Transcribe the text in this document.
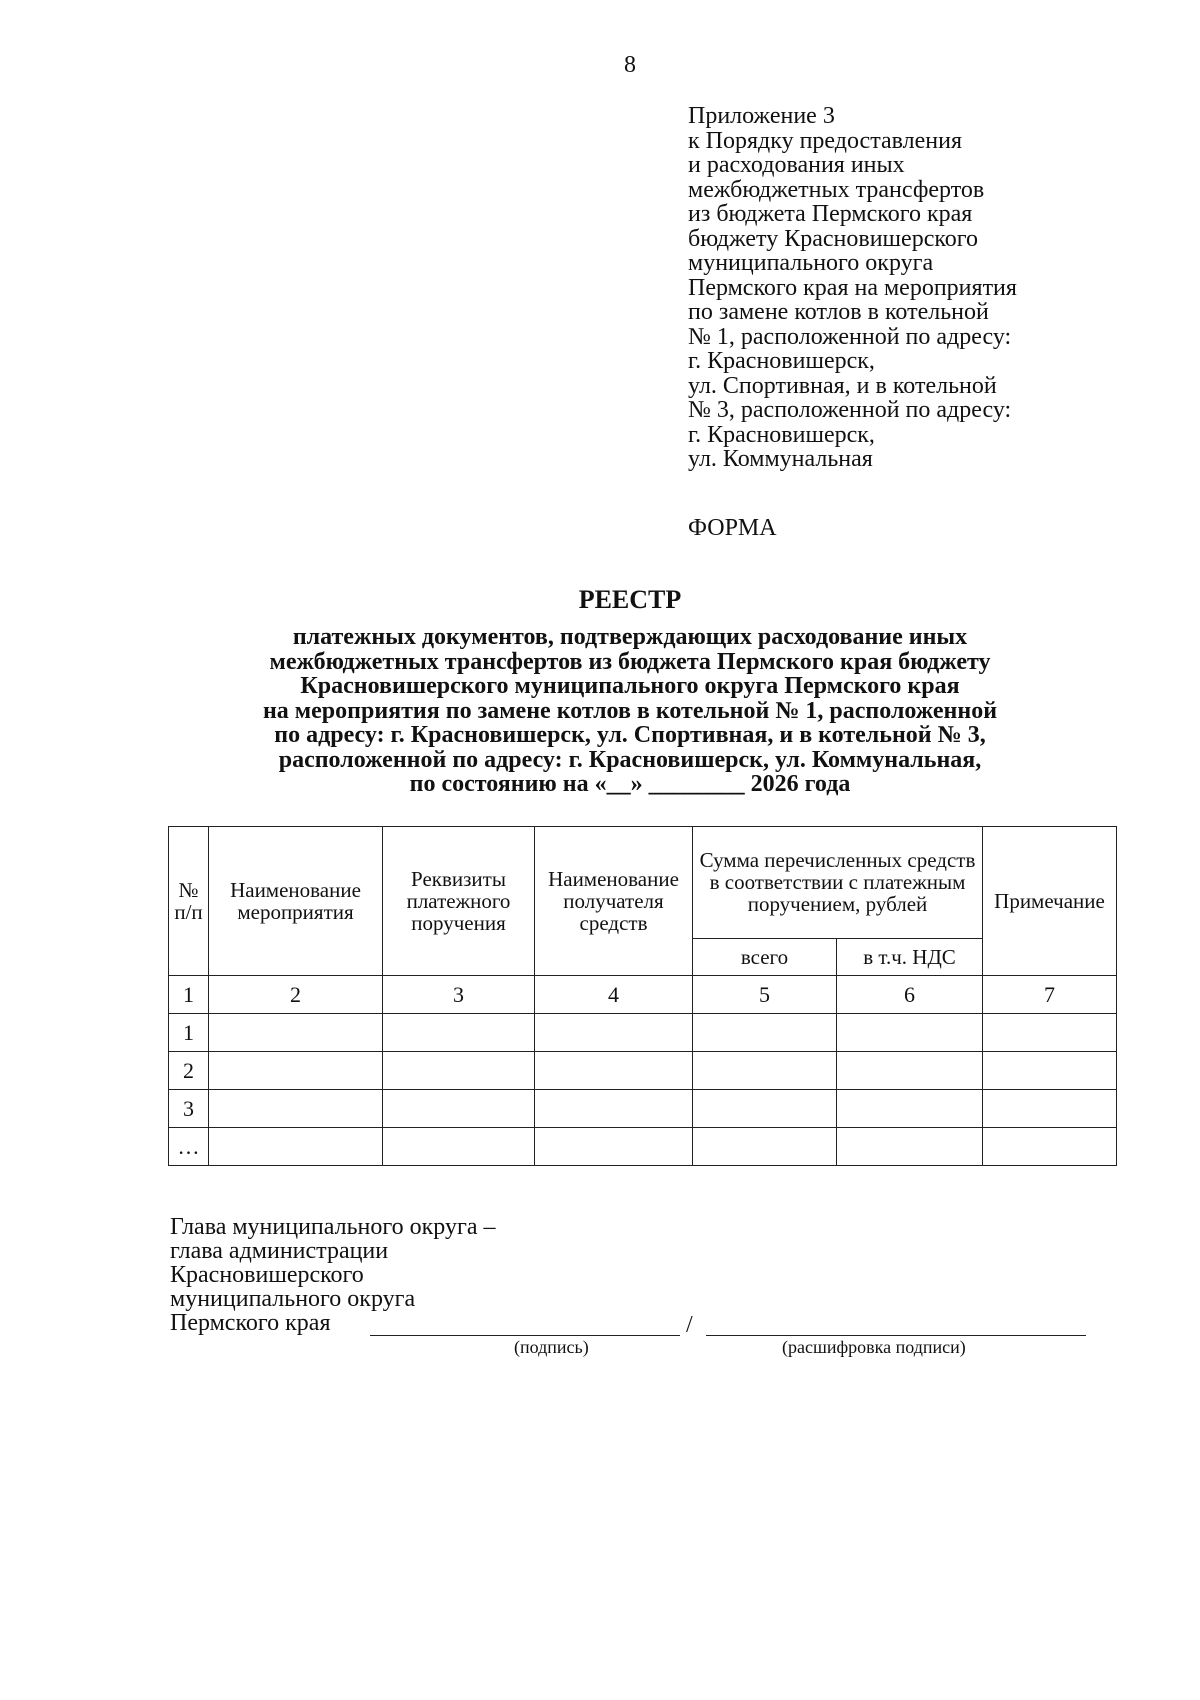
8
Приложение 3
к Порядку предоставления
и расходования иных
межбюджетных трансфертов
из бюджета Пермского края
бюджету Красновишерского
муниципального округа
Пермского края на мероприятия
по замене котлов в котельной
№ 1, расположенной по адресу:
г. Красновишерск,
ул. Спортивная, и в котельной
№ 3, расположенной по адресу:
г. Красновишерск,
ул. Коммунальная
ФОРМА
РЕЕСТР
платежных документов, подтверждающих расходование иных
межбюджетных трансфертов из бюджета Пермского края бюджету
Красновишерского муниципального округа Пермского края
на мероприятия по замене котлов в котельной № 1, расположенной
по адресу: г. Красновишерск, ул. Спортивная, и в котельной № 3,
расположенной по адресу: г. Красновишерск, ул. Коммунальная,
по состоянию на «__» ________ 2026 года
№ п/п	Наименование мероприятия	Реквизиты платежного поручения	Наименование получателя средств	Сумма перечисленных средств в соответствии с платежным поручением, рублей		Примечание
				всего	в т.ч. НДС	
1	2	3	4	5	6	7
1						
2						
3						
…						
Глава муниципального округа –
глава администрации
Красновишерского
муниципального округа
Пермского края	/
(подпись)	(расшифровка подписи)
